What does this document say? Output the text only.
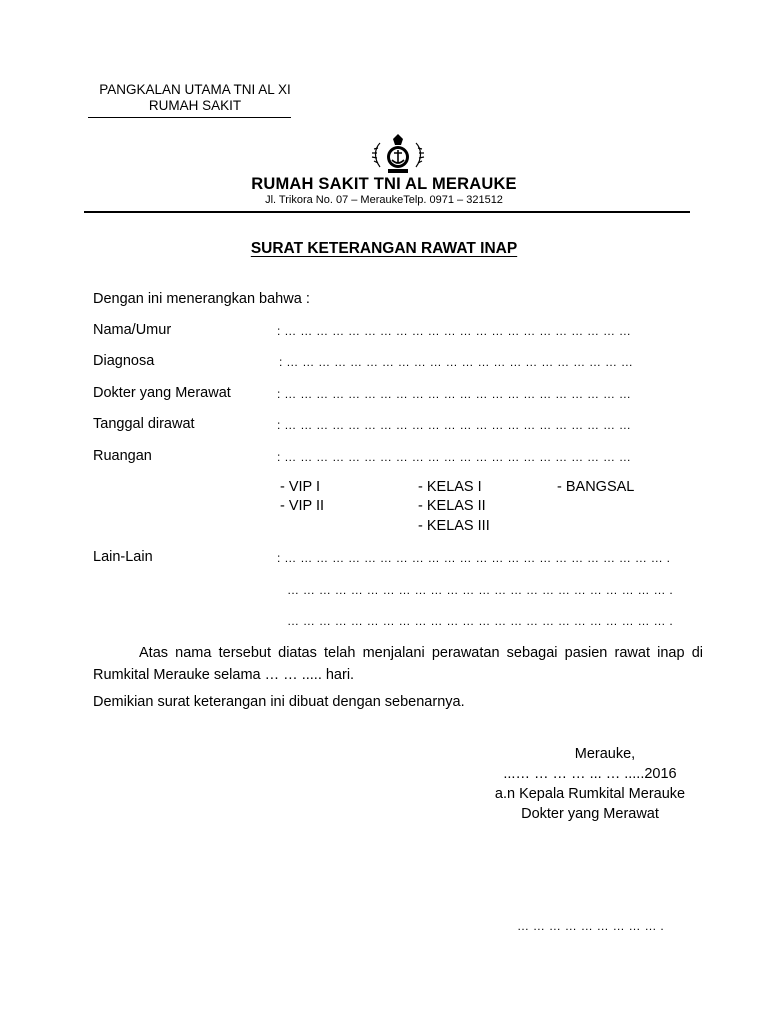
PANGKALAN UTAMA TNI AL XI
RUMAH SAKIT
RUMAH SAKIT TNI AL MERAUKE
Jl. Trikora No. 07 – MeraukeTelp. 0971 – 321512
SURAT KETERANGAN RAWAT INAP
Dengan ini menerangkan bahwa :
Nama/Umur	: … … … … … … … … … … … … … … … … … … … … … …
Diagnosa	: … … … … … … … … … … … … … … … … … … … … … …
Dokter yang Merawat	: … … … … … … … … … … … … … … … … … … … … … …
Tanggal dirawat	: … … … … … … … … … … … … … … … … … … … … … …
Ruangan	: … … … … … … … … … … … … … … … … … … … … … …
- VIP I
- VIP II
- KELAS I
- KELAS II
- KELAS III
- BANGSAL
Lain-Lain	: … … … … … … … … … … … … … … … … … … … … … … … … .
… … … … … … … … … … … … … … … … … … … … … … … … .
… … … … … … … … … … … … … … … … … … … … … … … … .
Atas nama tersebut diatas telah menjalani perawatan sebagai pasien rawat inap di Rumkital Merauke selama … … ..... hari.
Demikian surat keterangan ini dibuat dengan sebenarnya.
Merauke,
...… … … … ... … .....2016
a.n Kepala Rumkital Merauke
Dokter yang Merawat
… … … … … … … … … .
